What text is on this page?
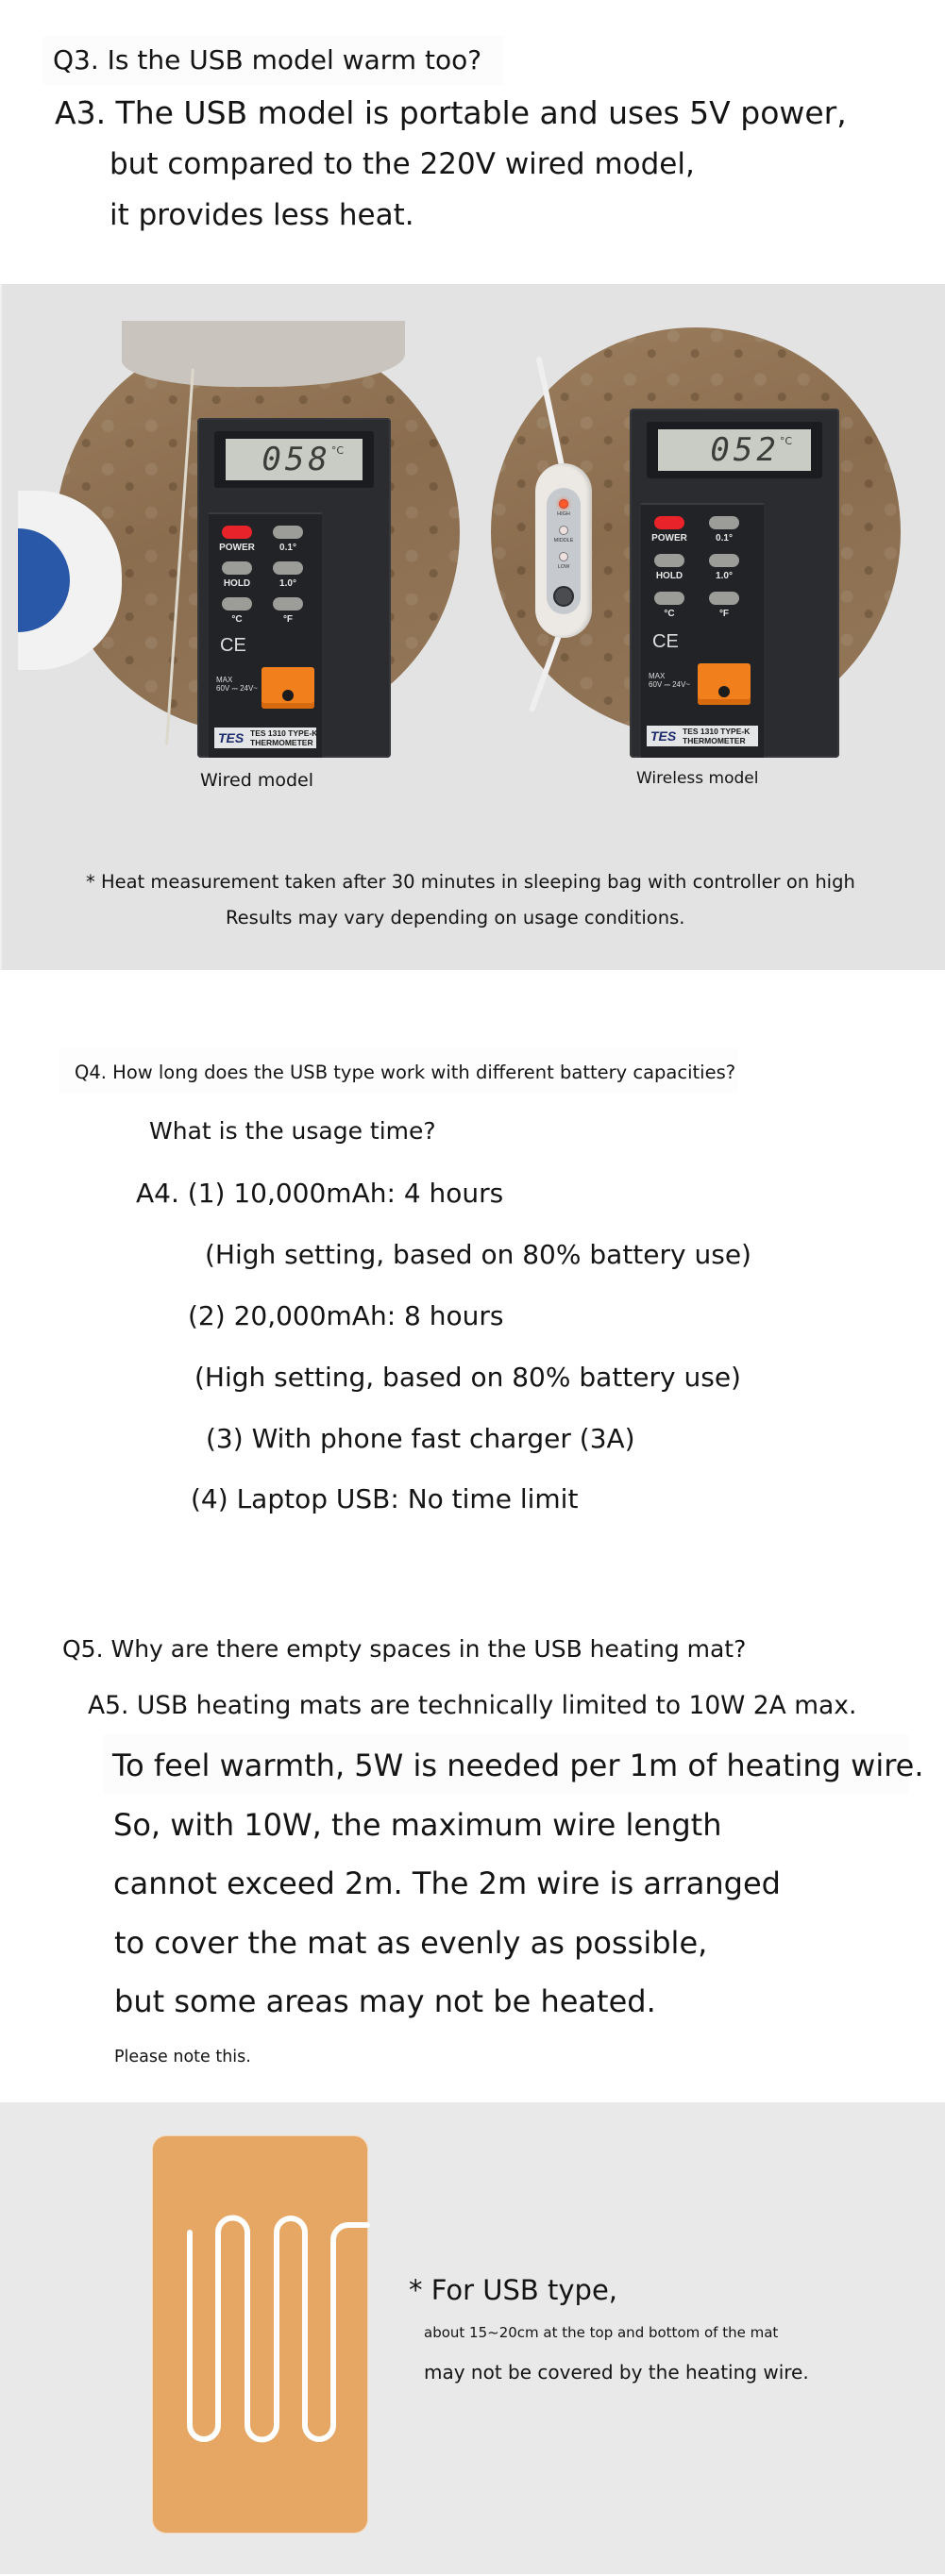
Q3. Is the USB model warm too?
A3. The USB model is portable and uses 5V power,
but compared to the 220V wired model,
it provides less heat.
058 °C
POWER	0.1°
HOLD	1.0°
°C	°F
CE
MAX
60V ⎓ 24V~
TES TES 1310 TYPE-K
THERMOMETER
HIGH
MIDDLE
LOW
052 °C
POWER	0.1°
HOLD	1.0°
°C	°F
CE
MAX
60V ⎓ 24V~
TES TES 1310 TYPE-K
THERMOMETER
Wired model	Wireless model
* Heat measurement taken after 30 minutes in sleeping bag with controller on high
Results may vary depending on usage conditions.
Q4. How long does the USB type work with different battery capacities?
What is the usage time?
A4. (1) 10,000mAh: 4 hours
(High setting, based on 80% battery use)
(2) 20,000mAh: 8 hours
(High setting, based on 80% battery use)
(3) With phone fast charger (3A)
(4) Laptop USB: No time limit
Q5. Why are there empty spaces in the USB heating mat?
A5. USB heating mats are technically limited to 10W 2A max.
To feel warmth, 5W is needed per 1m of heating wire.
So, with 10W, the maximum wire length
cannot exceed 2m. The 2m wire is arranged
to cover the mat as evenly as possible,
but some areas may not be heated.
Please note this.
* For USB type,
about 15~20cm at the top and bottom of the mat
may not be covered by the heating wire.
